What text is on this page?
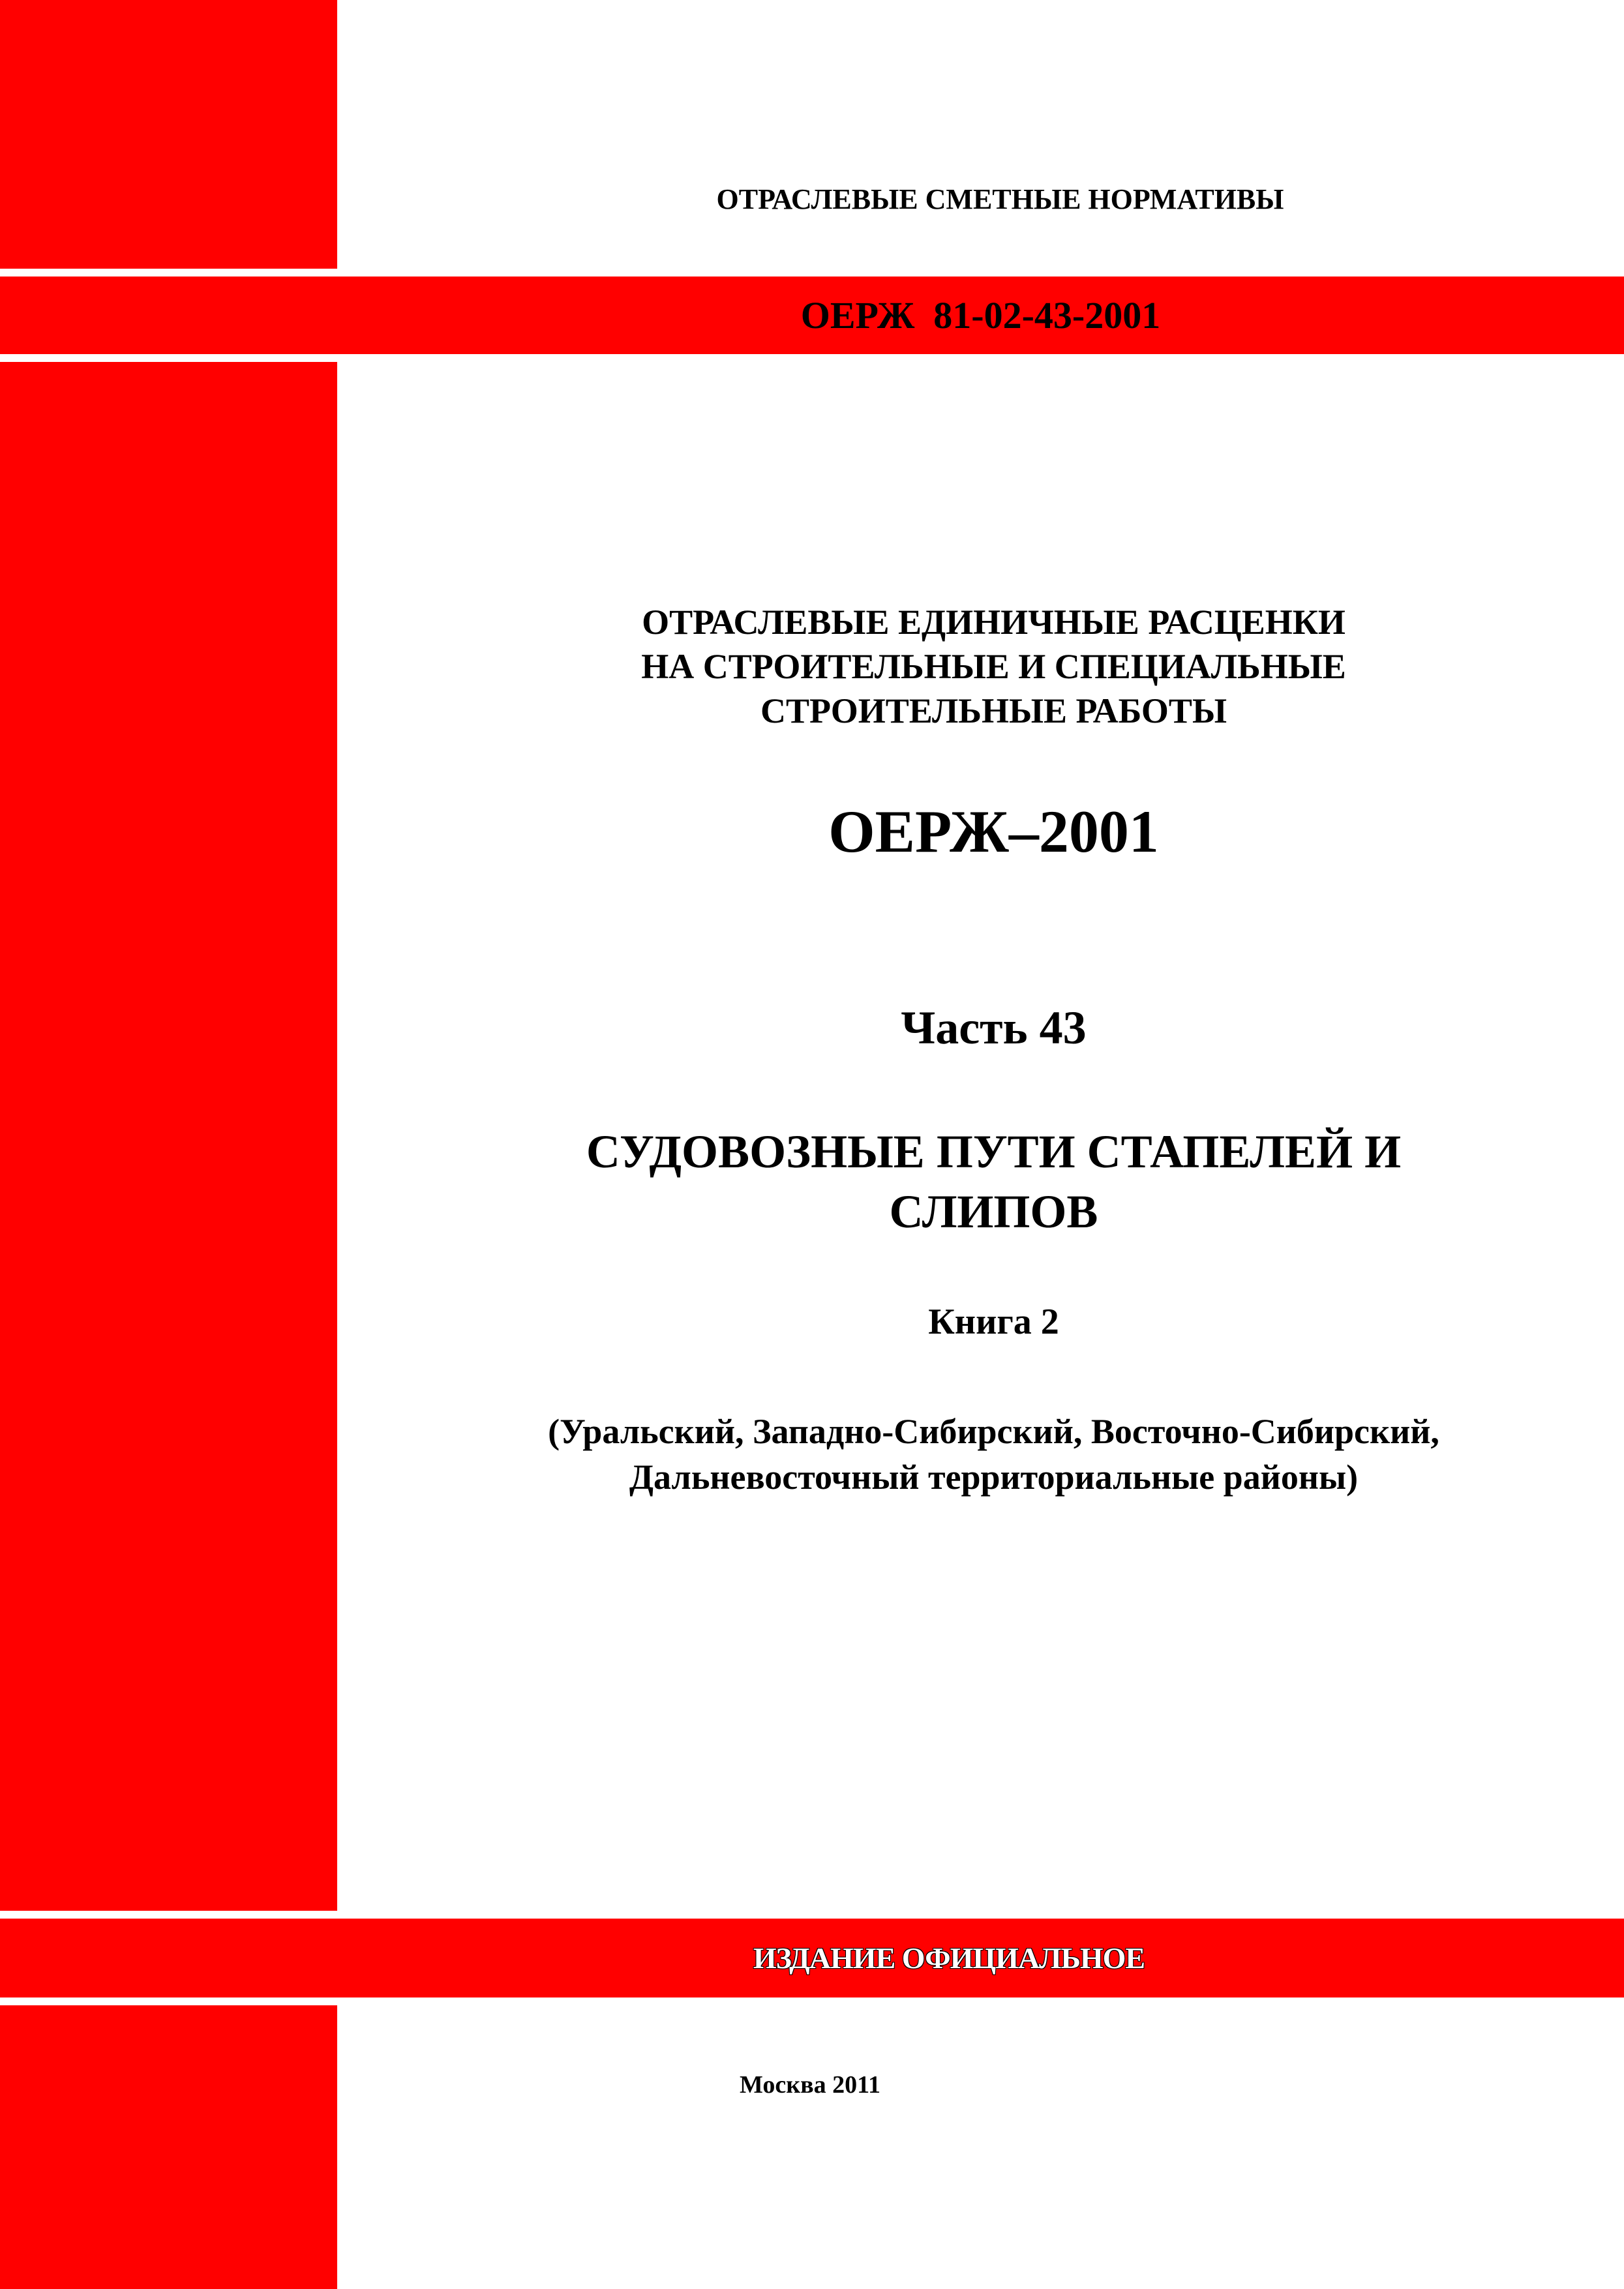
ОТРАСЛЕВЫЕ СМЕТНЫЕ НОРМАТИВЫ
ОЕРЖ  81-02-43-2001
ОТРАСЛЕВЫЕ ЕДИНИЧНЫЕ РАСЦЕНКИ
НА СТРОИТЕЛЬНЫЕ И СПЕЦИАЛЬНЫЕ
СТРОИТЕЛЬНЫЕ РАБОТЫ
ОЕРЖ–2001
Часть 43
СУДОВОЗНЫЕ ПУТИ СТАПЕЛЕЙ И
СЛИПОВ
Книга 2
(Уральский, Западно-Сибирский, Восточно-Сибирский,
Дальневосточный территориальные районы)
ИЗДАНИЕ ОФИЦИАЛЬНОЕ
Москва 2011
